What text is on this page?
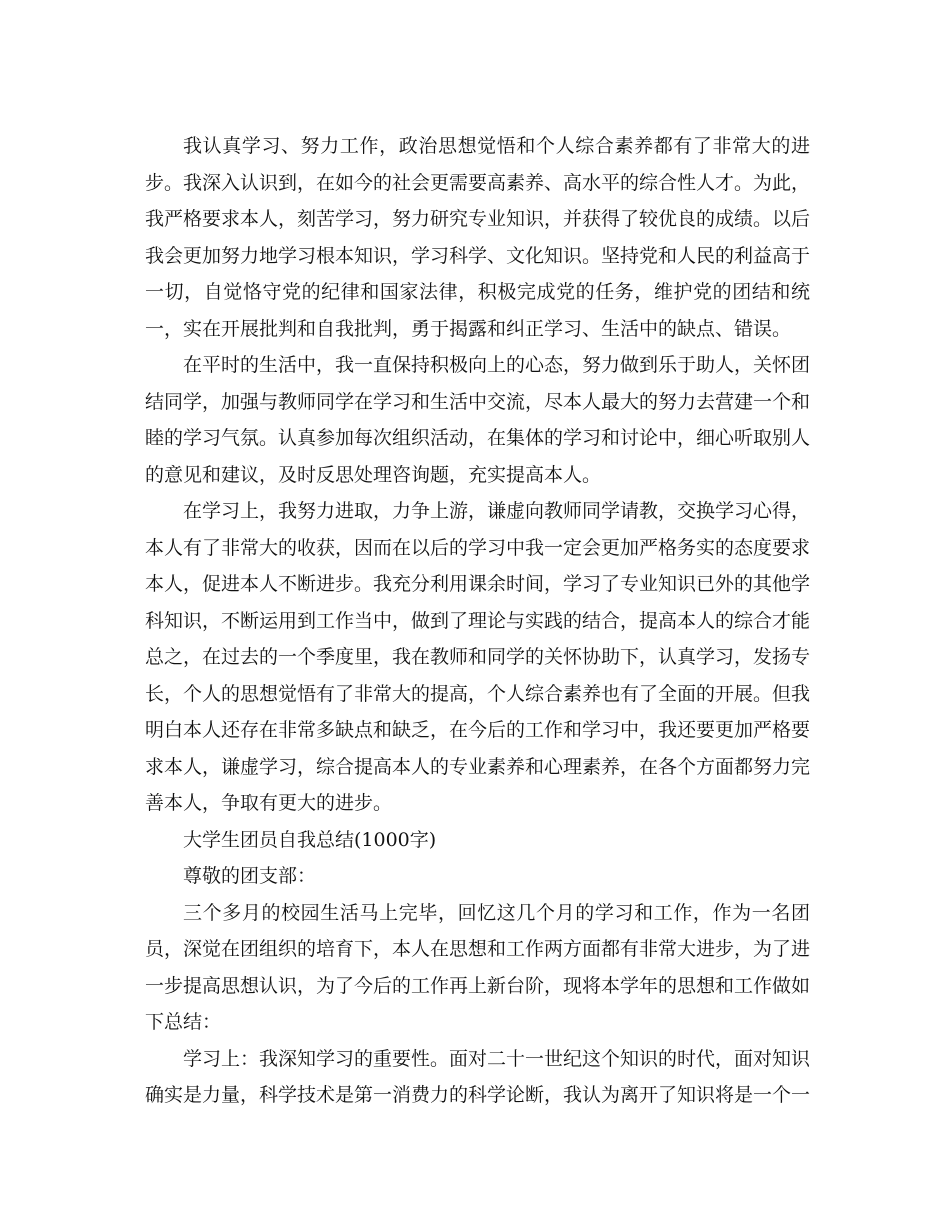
我认真学习、努力工作，政治思想觉悟和个人综合素养都有了非常大的进步。我深入认识到，在如今的社会更需要高素养、高水平的综合性人才。为此，我严格要求本人，刻苦学习，努力研究专业知识，并获得了较优良的成绩。以后我会更加努力地学习根本知识，学习科学、文化知识。坚持党和人民的利益高于一切，自觉恪守党的纪律和国家法律，积极完成党的任务，维护党的团结和统一，实在开展批判和自我批判，勇于揭露和纠正学习、生活中的缺点、错误。

在平时的生活中，我一直保持积极向上的心态，努力做到乐于助人，关怀团结同学，加强与教师同学在学习和生活中交流，尽本人最大的努力去营建一个和睦的学习气氛。认真参加每次组织活动，在集体的学习和讨论中，细心听取别人的意见和建议，及时反思处理咨询题，充实提高本人。

在学习上，我努力进取，力争上游，谦虚向教师同学请教，交换学习心得，本人有了非常大的收获，因而在以后的学习中我一定会更加严格务实的态度要求本人，促进本人不断进步。我充分利用课余时间，学习了专业知识已外的其他学科知识，不断运用到工作当中，做到了理论与实践的结合，提高本人的综合才能总之，在过去的一个季度里，我在教师和同学的关怀协助下，认真学习，发扬专长，个人的思想觉悟有了非常大的提高，个人综合素养也有了全面的开展。但我明白本人还存在非常多缺点和缺乏，在今后的工作和学习中，我还要更加严格要求本人，谦虚学习，综合提高本人的专业素养和心理素养，在各个方面都努力完善本人，争取有更大的进步。

大学生团员自我总结(1000字)

尊敬的团支部：

三个多月的校园生活马上完毕，回忆这几个月的学习和工作，作为一名团员，深觉在团组织的培育下，本人在思想和工作两方面都有非常大进步，为了进一步提高思想认识，为了今后的工作再上新台阶，现将本学年的思想和工作做如下总结：

学习上：我深知学习的重要性。面对二十一世纪这个知识的时代，面对知识确实是力量，科学技术是第一消费力的科学论断，我认为离开了知识将是一个一
